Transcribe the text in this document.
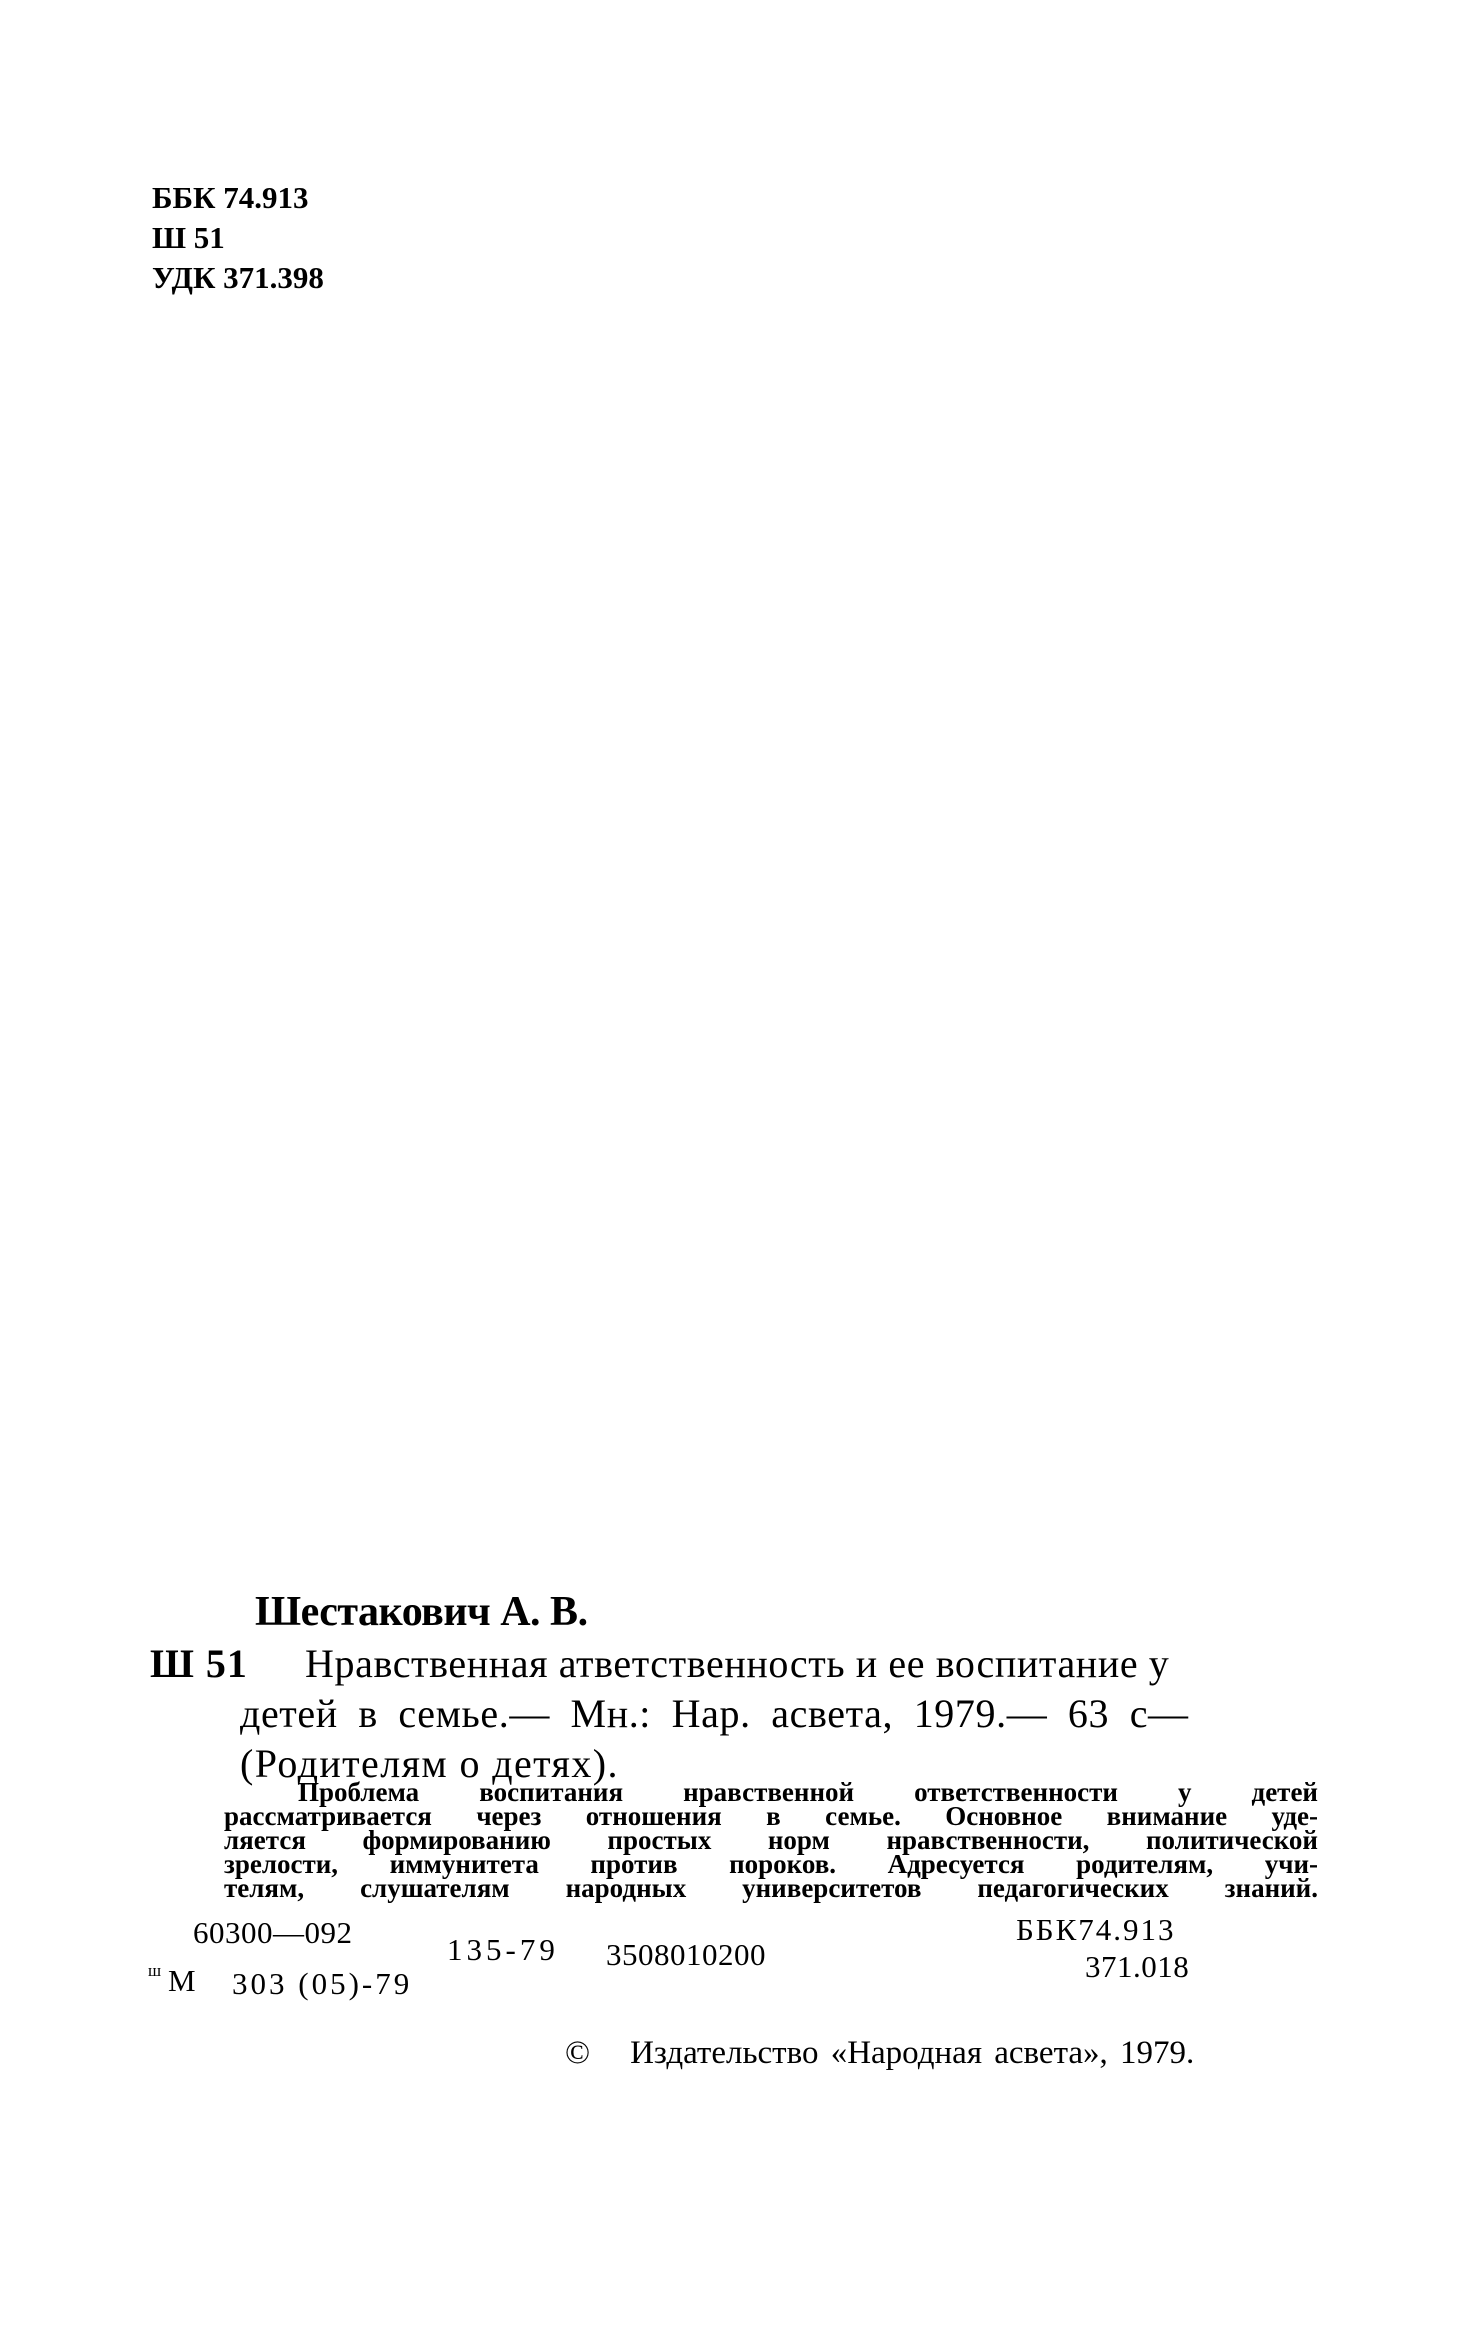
ББК 74.913
Ш 51
УДК 371.398
Шестакович А. В.
Ш 51 Нравственная атветственность и ее воспитание у
детей в семье.— Мн.: Нар. асвета, 1979.— 63 с—
(Родителям о детях).
Проблема воспитания нравственной ответственности у детей
рассматривается через отношения в семье. Основное внимание уде-
ляется формированию простых норм нравственности, политической
зрелости, иммунитета против пороков. Адресуется родителям, учи-
телям, слушателям народных университетов педагогических знаний.
60300—092
ш М 303 (05)-79
135-79 3508010200
ББК74.913
371.018
© Издательство «Народная асвета», 1979.
